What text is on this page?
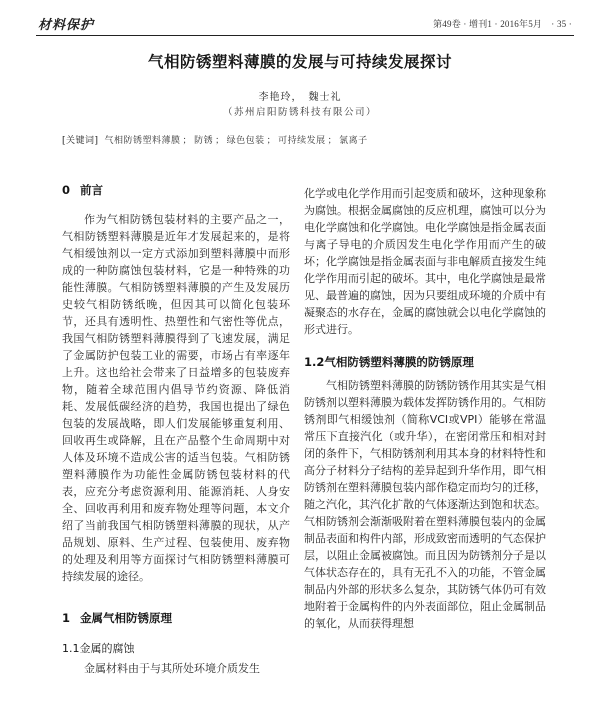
材料保护	第49卷 · 增刊1 · 2016年5月　· 35 ·
气相防锈塑料薄膜的发展与可持续发展探讨
李艳玲，　魏士礼
（苏州启阳防锈科技有限公司）
[关键词] 气相防锈塑料薄膜 ； 防锈 ； 绿色包装 ； 可持续发展 ； 氯离子
0 前言

作为气相防锈包装材料的主要产品之一，气相防锈塑料薄膜是近年才发展起来的，是将气相缓蚀剂以一定方式添加到塑料薄膜中而形成的一种防腐蚀包装材料，它是一种特殊的功能性薄膜。气相防锈塑料薄膜的产生及发展历史较气相防锈纸晚，但因其可以简化包装环节，还具有透明性、热塑性和气密性等优点，我国气相防锈塑料薄膜得到了飞速发展，满足了金属防护包装工业的需要，市场占有率逐年上升。这也给社会带来了日益增多的包装废弃物，随着全球范围内倡导节约资源、降低消耗、发展低碳经济的趋势，我国也提出了绿色包装的发展战略，即人们发展能够重复利用、回收再生或降解，且在产品整个生命周期中对人体及环境不造成公害的适当包装。气相防锈塑料薄膜作为功能性金属防锈包装材料的代表，应充分考虑资源利用、能源消耗、人身安全、回收再利用和废弃物处理等问题，本文介绍了当前我国气相防锈塑料薄膜的现状，从产品规划、原料、生产过程、包装使用、废弃物的处理及利用等方面探讨气相防锈塑料薄膜可持续发展的途径。

1 金属气相防锈原理
1.1金属的腐蚀

金属材料由于与其所处环境介质发生

化学或电化学作用而引起变质和破坏，这种现象称为腐蚀。根据金属腐蚀的反应机理，腐蚀可以分为电化学腐蚀和化学腐蚀。电化学腐蚀是指金属表面与离子导电的介质因发生电化学作用而产生的破坏；化学腐蚀是指金属表面与非电解质直接发生纯化学作用而引起的破坏。其中，电化学腐蚀是最常见、最普遍的腐蚀，因为只要组成环境的介质中有凝聚态的水存在，金属的腐蚀就会以电化学腐蚀的形式进行。

1.2气相防锈塑料薄膜的防锈原理

气相防锈塑料薄膜的防锈防锈作用其实是气相防锈剂以塑料薄膜为载体发挥防锈作用的。气相防锈剂即气相缓蚀剂（简称VCI或VPI）能够在常温常压下直接汽化（或升华），在密闭常压和相对封闭的条件下，气相防锈剂利用其本身的材料特性和高分子材料分子结构的差异起到升华作用，即气相防锈剂在塑料薄膜包装内部作稳定而均匀的迁移，随之汽化，其汽化扩散的气体逐渐达到饱和状态。气相防锈剂会渐渐吸附着在塑料薄膜包装内的金属制品表面和构件内部，形成致密而透明的气态保护层，以阻止金属被腐蚀。而且因为防锈剂分子是以气体状态存在的，具有无孔不入的功能，不管金属制品内外部的形状多么复杂，其防锈气体仍可有效地附着于金属构件的内外表面部位，阻止金属制品的氧化，从而获得理想
